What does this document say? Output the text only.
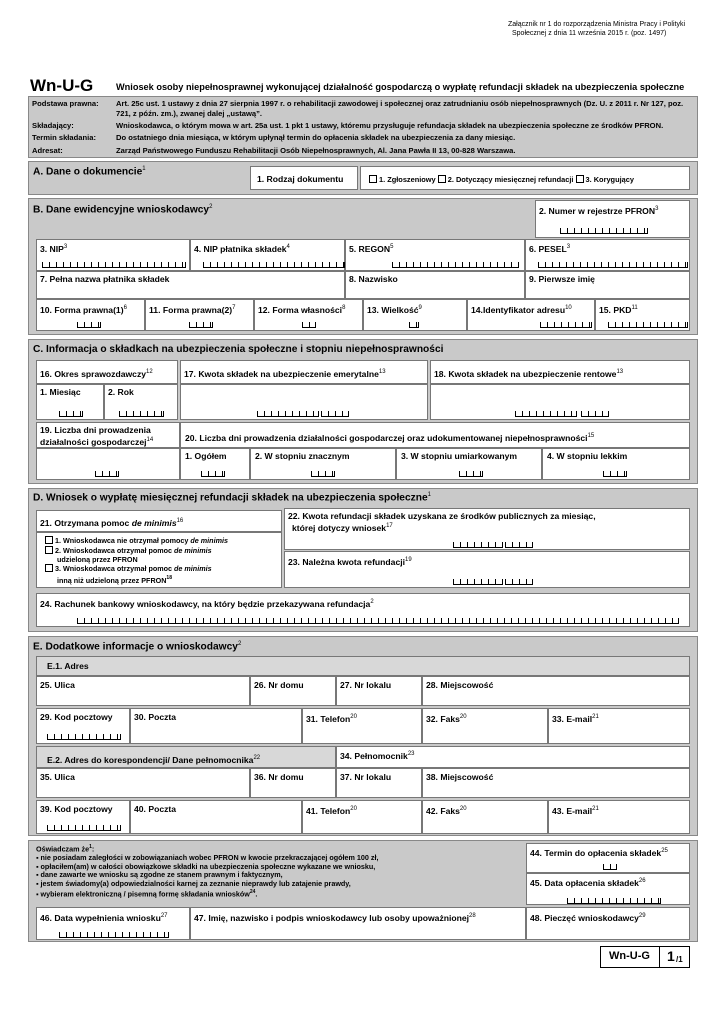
Załącznik nr 1 do rozporządzenia Ministra Pracy i Polityki
Społecznej z dnia 11 września 2015 r. (poz. 1497)
Wn-U-G Wniosek osoby niepełnosprawnej wykonującej działalność gospodarczą o wypłatę refundacji składek na ubezpieczenia społeczne
Podstawa prawna:	Art. 25c ust. 1 ustawy z dnia 27 sierpnia 1997 r. o rehabilitacji zawodowej i społecznej oraz zatrudnianiu osób niepełnosprawnych (Dz. U. z 2011 r. Nr 127, poz. 721, z późn. zm.), zwanej dalej „ustawą”.
Składający:	Wnioskodawca, o którym mowa w art. 25a ust. 1 pkt 1 ustawy, któremu przysługuje refundacja składek na ubezpieczenia społeczne ze środków PFRON.
Termin składania:	Do ostatniego dnia miesiąca, w którym upłynął termin do opłacenia składek na ubezpieczenia za dany miesiąc.
Adresat:	Zarząd Państwowego Funduszu Rehabilitacji Osób Niepełnosprawnych, Al. Jana Pawła II 13, 00-828 Warszawa.
A. Dane o dokumencie$^1$
1. Rodzaj dokumentu	1. Zgłoszeniowy 2. Dotyczący miesięcznej refundacji 3. Korygujący
B. Dane ewidencyjne wnioskodawcy$^2$	2. Numer w rejestrze PFRON$^3$
3. NIP$^3$	4. NIP płatnika składek$^4$	5. REGON$^5$	6. PESEL$^3$
7. Pełna nazwa płatnika składek	8. Nazwisko	9. Pierwsze imię
10. Forma $prawna(1)^6$	11. Forma $prawna(2)^7$	12. Forma własności$^8$	13. Wielkość$^9$	14.Identyfikator adresu$^{10}$	15. PKD$^{11}$
C. Informacja o składkach na ubezpieczenia społeczne i stopniu niepełnosprawności
16. Okres sprawozdawczy$^{12}$
1. Miesiąc	2. Rok
17. Kwota składek na ubezpieczenie emerytalne$^{13}$	18. Kwota składek na ubezpieczenie rentowe$^{13}$
19. Liczba dni prowadzenia
działalności gospodarczej$^{14}$	20. Liczba dni prowadzenia działalności gospodarczej oraz udokumentowanej niepełnosprawności$^{15}$
1. Ogółem	2. W stopniu znacznym	3. W stopniu umiarkowanym	4. W stopniu lekkim
D. Wniosek o wypłatę miesięcznej refundacji składek na ubezpieczenia społeczne$^1$
21. Otrzymana pomoc de minimis$^{16}$
1. Wnioskodawca nie otrzymał pomocy de minimis
2. Wnioskodawca otrzymał pomoc de minimis
udzieloną przez PFRON
3. Wnioskodawca otrzymał pomoc de minimis
inną niż udzieloną przez PFRON$^{18}$
22. Kwota refundacji składek uzyskana ze środków publicznych za miesiąc,
której dotyczy wniosek$^{17}$
23. Należna kwota refundacji$^{19}$
24. Rachunek bankowy wnioskodawcy, na który będzie przekazywana refundacja$^2$
E. Dodatkowe informacje o wnioskodawcy$^2$
E.1. Adres
25. Ulica	26. Nr domu	27. Nr lokalu	28. Miejscowość
29. Kod pocztowy	30. Poczta	31. Telefon$^{20}$	32. Faks$^{20}$	33. E-mail$^{21}$
E.2. Adres do korespondencji/ Dane pełnomocnika$^{22}$	34. Pełnomocnik$^{23}$
35. Ulica	36. Nr domu	37. Nr lokalu	38. Miejscowość
39. Kod pocztowy	40. Poczta	41. Telefon$^{20}$	42. Faks$^{20}$	43. E-mail$^{21}$
Oświadczam $że^1$:
▪ nie posiadam zaległości w zobowiązaniach wobec PFRON w kwocie przekraczającej ogółem 100 zł,
▪ opłaciłem(am) w całości obowiązkowe składki na ubezpieczenia społeczne wykazane we wniosku,
▪ dane zawarte we wniosku są zgodne ze stanem prawnym i faktycznym,
▪ jestem świadomy(a) odpowiedzialności karnej za zeznanie nieprawdy lub zatajenie prawdy,
▪ wybieram elektroniczną / pisemną formę składania wniosków$^{24}$.
44. Termin do opłacenia składek$^{25}$
45. Data opłacenia składek$^{26}$
46. Data wypełnienia wniosku$^{27}$	47. Imię, nazwisko i podpis wnioskodawcy lub osoby upoważnionej$^{28}$	48. Pieczęć wnioskodawcy$^{29}$
Wn-U-G 1 /1
